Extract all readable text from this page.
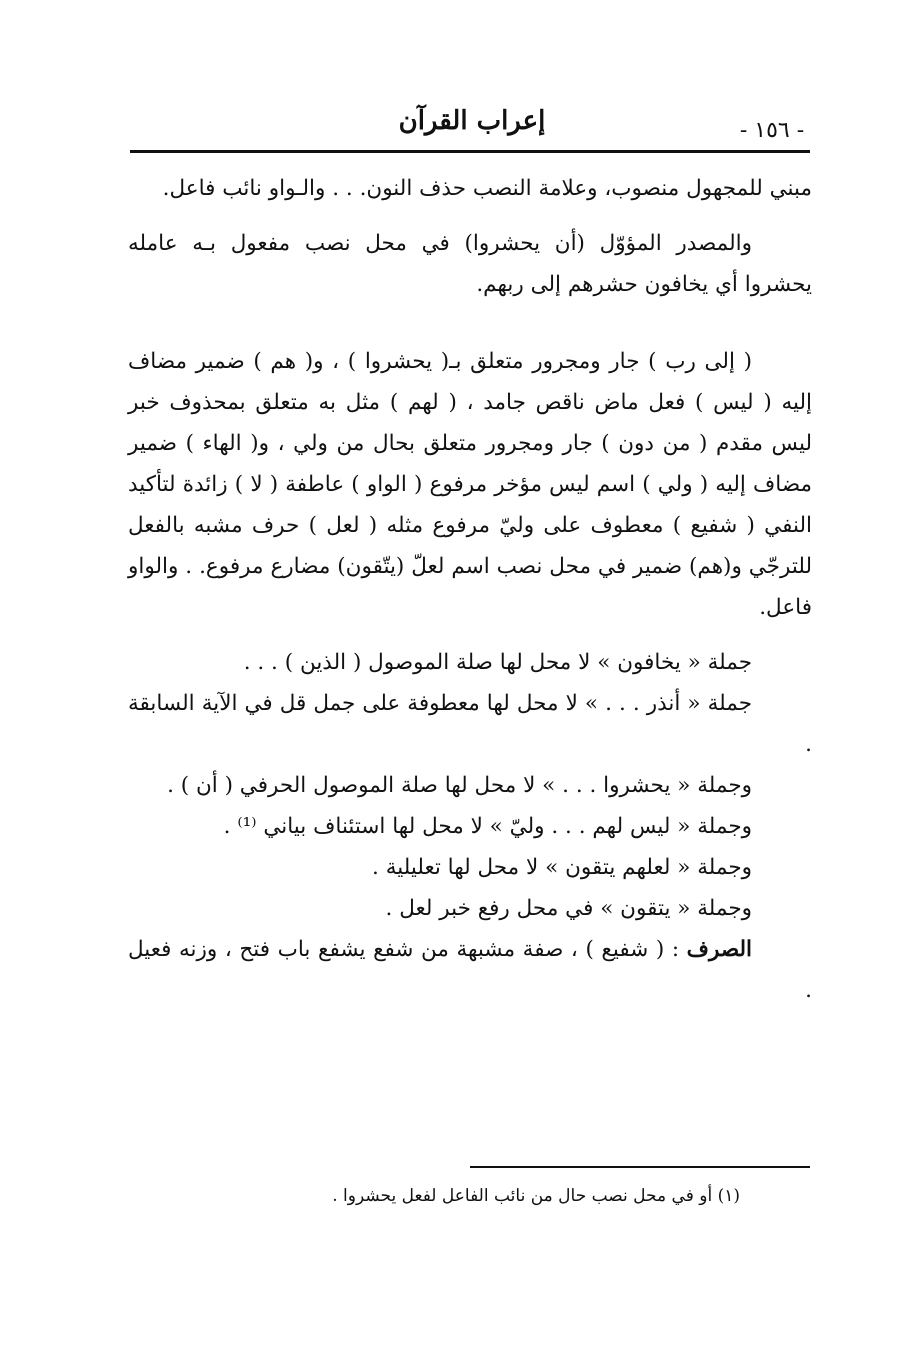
- ١٥٦ -
إعراب القرآن

مبني للمجهول منصوب، وعلامة النصب حذف النون. . . والـواو نائب فاعل.

والمصدر المؤوّل (أن يحشروا) في محل نصب مفعول بـه عامله يحشروا أي يخافون حشرهم إلى ربهم.

( إلى رب ) جار ومجرور متعلق بـ( يحشروا ) ، و( هم ) ضمير مضاف إليه ( ليس ) فعل ماض ناقص جامد ، ( لهم ) مثل به متعلق بمحذوف خبر ليس مقدم ( من دون ) جار ومجرور متعلق بحال من ولي ، و( الهاء ) ضمير مضاف إليه ( ولي ) اسم ليس مؤخر مرفوع ( الواو ) عاطفة ( لا ) زائدة لتأكيد النفي ( شفيع ) معطوف على وليّ مرفوع مثله ( لعل ) حرف مشبه بالفعل للترجّي و(هم) ضمير في محل نصب اسم لعلّ (يتّقون) مضارع مرفوع. . والواو فاعل.

جملة « يخافون » لا محل لها صلة الموصول ( الذين ) . . .

جملة « أنذر . . . » لا محل لها معطوفة على جمل قل في الآية السابقة .

وجملة « يحشروا . . . » لا محل لها صلة الموصول الحرفي ( أن ) .

وجملة « ليس لهم . . . وليّ » لا محل لها استئناف بياني ⁽¹⁾ .

وجملة « لعلهم يتقون » لا محل لها تعليلية .

وجملة « يتقون » في محل رفع خبر لعل .

الصرف : ( شفيع ) ، صفة مشبهة من شفع يشفع باب فتح ، وزنه فعيل .

(١) أو في محل نصب حال من نائب الفاعل لفعل يحشروا .
